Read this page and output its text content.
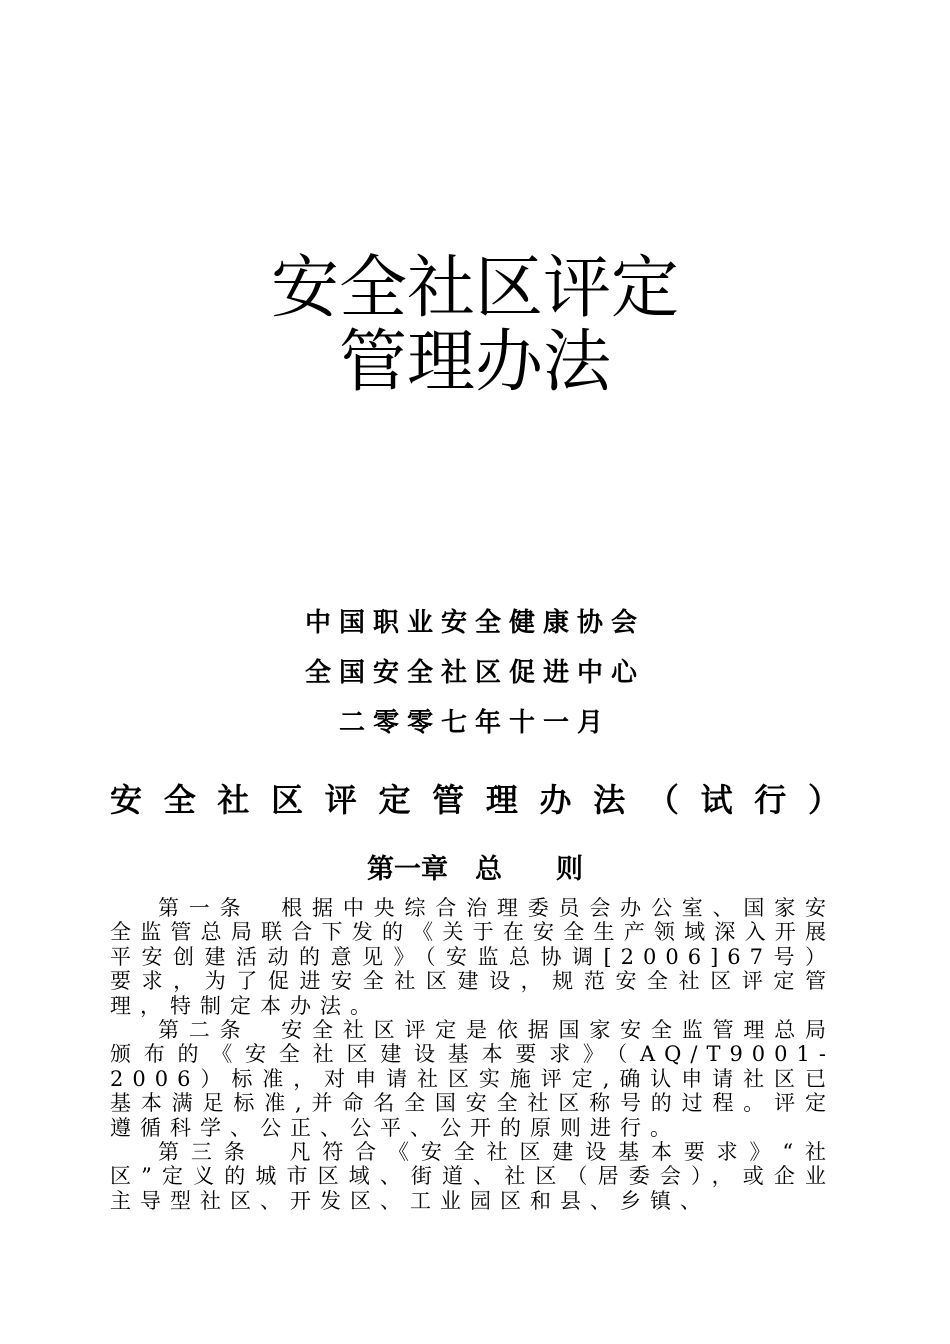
安全社区评定
管理办法
中国职业安全健康协会
全国安全社区促进中心
二零零七年十一月
安全社区评定管理办法（试行）
第一章　总　　则

第一条　根据中央综合治理委员会办公室、国家安全监管总局联合下发的《关于在安全生产领域深入开展平安创建活动的意见》（安监总协调[2006]67号）要求，为了促进安全社区建设，规范安全社区评定管理，特制定本办法。

第二条　安全社区评定是依据国家安全监管理总局颁布的《安全社区建设基本要求》（AQ/T9001-2006）标准，对申请社区实施评定,确认申请社区已基本满足标准,并命名全国安全社区称号的过程。评定遵循科学、公正、公平、公开的原则进行。

第三条　凡符合《安全社区建设基本要求》“社区”定义的城市区域、街道、社区（居委会），或企业主导型社区、开发区、工业园区和县、乡镇、
